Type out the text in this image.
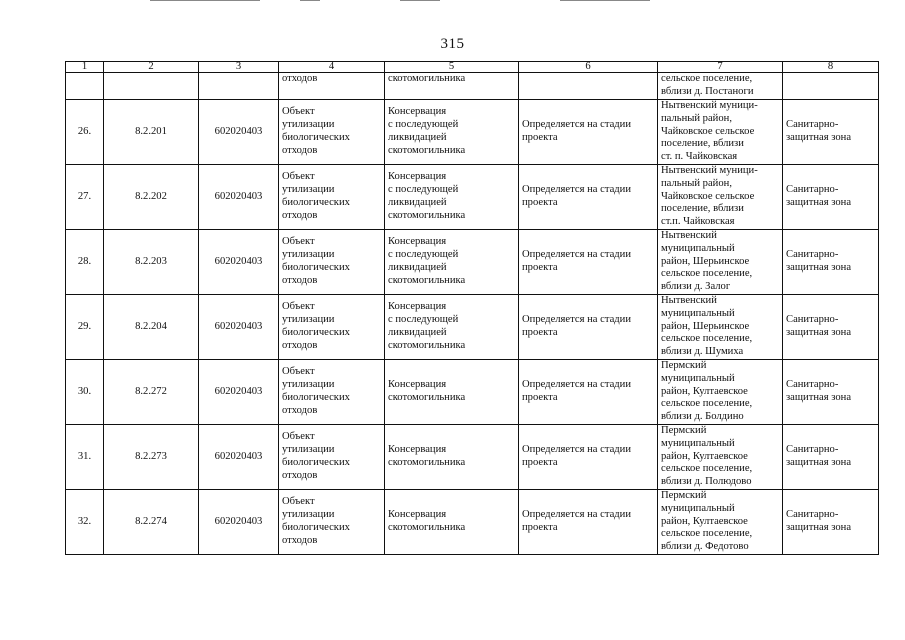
315
1	2	3	4	5	6	7	8

			отходов	скотомогильника		сельское поселение,
вблизи д. Постаноги	

26.	8.2.201	602020403	Объект
утилизации
биологических
отходов	Консервация
с последующей
ликвидацией
скотомогильника	Определяется на стадии
проекта	Нытвенский муници-
пальный район,
Чайковское сельское
поселение, вблизи
ст. п. Чайковская	Санитарно-
защитная зона

27.	8.2.202	602020403	Объект
утилизации
биологических
отходов	Консервация
с последующей
ликвидацией
скотомогильника	Определяется на стадии
проекта	Нытвенский муници-
пальный район,
Чайковское сельское
поселение, вблизи
ст.п. Чайковская	Санитарно-
защитная зона

28.	8.2.203	602020403	Объект
утилизации
биологических
отходов	Консервация
с последующей
ликвидацией
скотомогильника	Определяется на стадии
проекта	Нытвенский
муниципальный
район, Шерьинское
сельское поселение,
вблизи д. Залог	Санитарно-
защитная зона

29.	8.2.204	602020403	Объект
утилизации
биологических
отходов	Консервация
с последующей
ликвидацией
скотомогильника	Определяется на стадии
проекта	Нытвенский
муниципальный
район, Шерьинское
сельское поселение,
вблизи д. Шумиха	Санитарно-
защитная зона

30.	8.2.272	602020403	Объект
утилизации
биологических
отходов	Консервация
скотомогильника	Определяется на стадии
проекта	Пермский
муниципальный
район, Култаевское
сельское поселение,
вблизи д. Болдино	Санитарно-
защитная зона

31.	8.2.273	602020403	Объект
утилизации
биологических
отходов	Консервация
скотомогильника	Определяется на стадии
проекта	Пермский
муниципальный
район, Култаевское
сельское поселение,
вблизи д. Полюдово	Санитарно-
защитная зона

32.	8.2.274	602020403	Объект
утилизации
биологических
отходов	Консервация
скотомогильника	Определяется на стадии
проекта	Пермский
муниципальный
район, Култаевское
сельское поселение,
вблизи д. Федотово	Санитарно-
защитная зона
